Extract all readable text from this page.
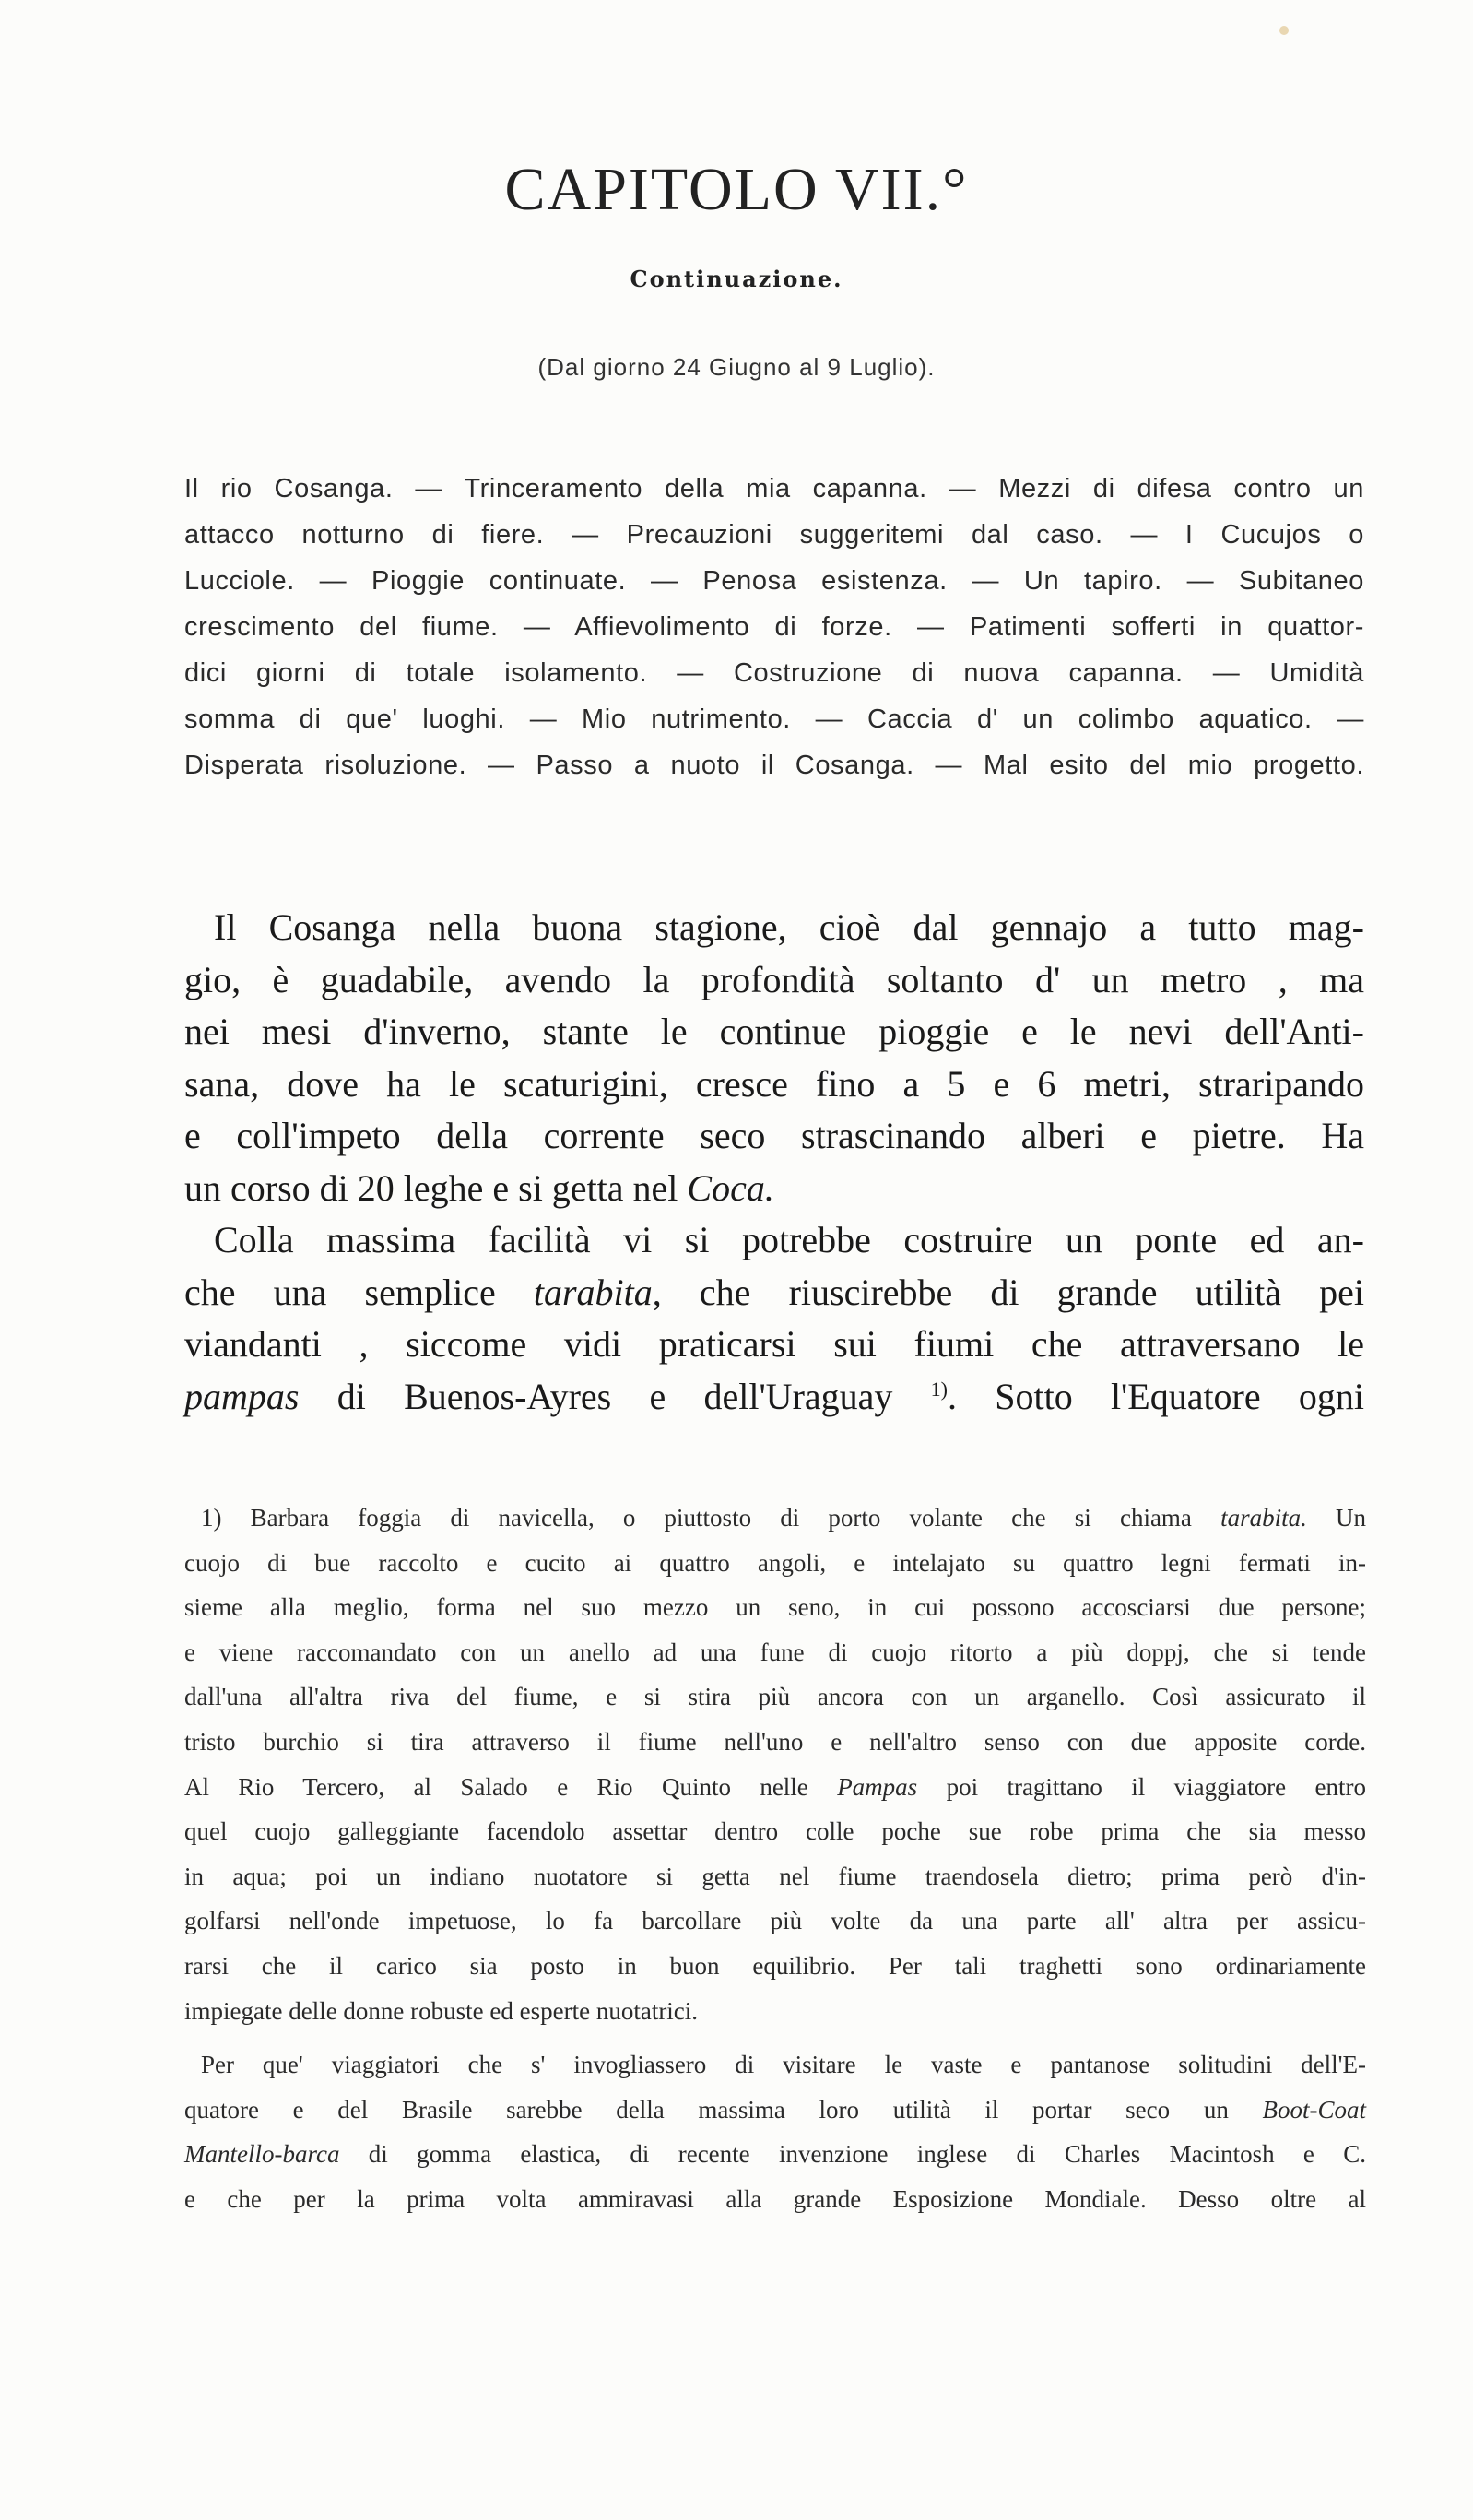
CAPITOLO VII.°
Continuazione.
(Dal giorno 24 Giugno al 9 Luglio).
Il rio Cosanga. — Trinceramento della mia capanna. — Mezzi di difesa contro un
attacco notturno di fiere. — Precauzioni suggeritemi dal caso. — I Cucujos o
Lucciole. — Pioggie continuate. — Penosa esistenza. — Un tapiro. — Subitaneo
crescimento del fiume. — Affievolimento di forze. — Patimenti sofferti in quattor-
dici giorni di totale isolamento. — Costruzione di nuova capanna. — Umidità
somma di que' luoghi. — Mio nutrimento. — Caccia d' un colimbo aquatico. —
Disperata risoluzione. — Passo a nuoto il Cosanga. — Mal esito del mio progetto.
Il Cosanga nella buona stagione, cioè dal gennajo a tutto mag-
gio, è guadabile, avendo la profondità soltanto d' un metro , ma
nei mesi d'inverno, stante le continue pioggie e le nevi dell'Anti-
sana, dove ha le scaturigini, cresce fino a 5 e 6 metri, straripando
e coll'impeto della corrente seco strascinando alberi e pietre. Ha
un corso di 20 leghe e si getta nel Coca.
Colla massima facilità vi si potrebbe costruire un ponte ed an-
che una semplice tarabita, che riuscirebbe di grande utilità pei
viandanti , siccome vidi praticarsi sui fiumi che attraversano le
pampas di Buenos-Ayres e dell'Uraguay $^{1)}$. Sotto l'Equatore ogni
1) Barbara foggia di navicella, o piuttosto di porto volante che si chiama tarabita. Un
cuojo di bue raccolto e cucito ai quattro angoli, e intelajato su quattro legni fermati in-
sieme alla meglio, forma nel suo mezzo un seno, in cui possono accosciarsi due persone;
e viene raccomandato con un anello ad una fune di cuojo ritorto a più doppj, che si tende
dall'una all'altra riva del fiume, e si stira più ancora con un arganello. Così assicurato il
tristo burchio si tira attraverso il fiume nell'uno e nell'altro senso con due apposite corde.
Al Rio Tercero, al Salado e Rio Quinto nelle Pampas poi tragittano il viaggiatore entro
quel cuojo galleggiante facendolo assettar dentro colle poche sue robe prima che sia messo
in aqua; poi un indiano nuotatore si getta nel fiume traendosela dietro; prima però d'in-
golfarsi nell'onde impetuose, lo fa barcollare più volte da una parte all' altra per assicu-
rarsi che il carico sia posto in buon equilibrio. Per tali traghetti sono ordinariamente
impiegate delle donne robuste ed esperte nuotatrici.
Per que' viaggiatori che s' invogliassero di visitare le vaste e pantanose solitudini dell'E-
quatore e del Brasile sarebbe della massima loro utilità il portar seco un Boot-Coat
Mantello-barca di gomma elastica, di recente invenzione inglese di Charles Macintosh e C.
e che per la prima volta ammiravasi alla grande Esposizione Mondiale. Desso oltre al
